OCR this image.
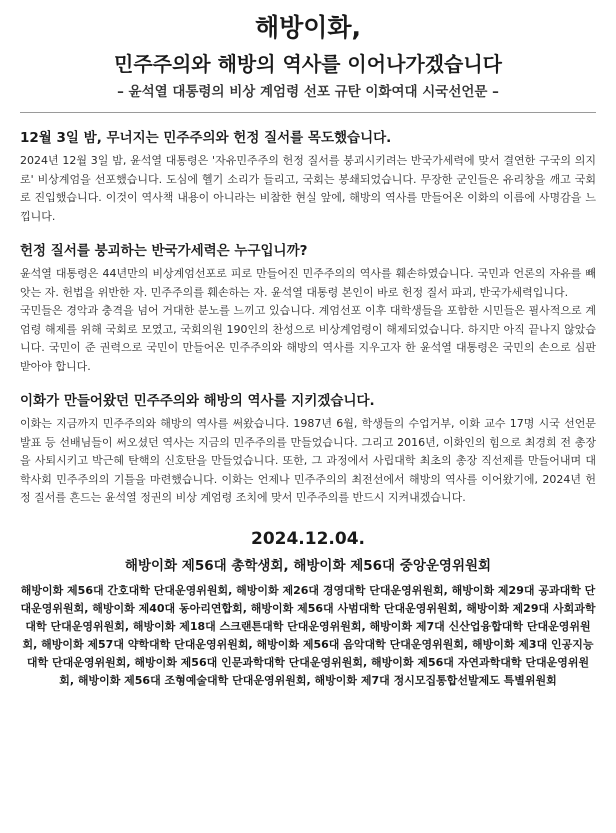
해방이화,
민주주의와 해방의 역사를 이어나가겠습니다
– 윤석열 대통령의 비상 계엄령 선포 규탄 이화여대 시국선언문 –
12월 3일 밤, 무너지는 민주주의와 헌정 질서를 목도했습니다.

2024년 12월 3일 밤, 윤석열 대통령은 '자유민주주의 헌정 질서를 붕괴시키려는 반국가세력에 맞서 결연한 구국의 의지로' 비상계엄을 선포했습니다. 도심에 헬기 소리가 들리고, 국회는 봉쇄되었습니다. 무장한 군인들은 유리창을 깨고 국회로 진입했습니다. 이것이 역사책 내용이 아니라는 비참한 현실 앞에, 해방의 역사를 만들어온 이화의 이름에 사명감을 느낍니다.

헌정 질서를 붕괴하는 반국가세력은 누구입니까?

윤석열 대통령은 44년만의 비상계엄선포로 피로 만들어진 민주주의의 역사를 훼손하였습니다. 국민과 언론의 자유를 빼앗는 자. 헌법을 위반한 자. 민주주의를 훼손하는 자. 윤석열 대통령 본인이 바로 헌정 질서 파괴, 반국가세력입니다.

국민들은 경악과 충격을 넘어 거대한 분노를 느끼고 있습니다. 계엄선포 이후 대학생들을 포함한 시민들은 필사적으로 계엄령 해제를 위해 국회로 모였고, 국회의원 190인의 찬성으로 비상계엄령이 해제되었습니다. 하지만 아직 끝나지 않았습니다. 국민이 준 권력으로 국민이 만들어온 민주주의와 해방의 역사를 지우고자 한 윤석열 대통령은 국민의 손으로 심판 받아야 합니다.

이화가 만들어왔던 민주주의와 해방의 역사를 지키겠습니다.

이화는 지금까지 민주주의와 해방의 역사를 써왔습니다. 1987년 6월, 학생들의 수업거부, 이화 교수 17명 시국 선언문 발표 등 선배님들이 써오셨던 역사는 지금의 민주주의를 만들었습니다. 그리고 2016년, 이화인의 힘으로 최경희 전 총장을 사퇴시키고 박근혜 탄핵의 신호탄을 만들었습니다. 또한, 그 과정에서 사립대학 최초의 총장 직선제를 만들어내며 대학사회 민주주의의 기틀을 마련했습니다. 이화는 언제나 민주주의의 최전선에서 해방의 역사를 이어왔기에, 2024년 헌정 질서를 흔드는 윤석열 정권의 비상 계엄령 조치에 맞서 민주주의를 반드시 지켜내겠습니다.

2024.12.04.
해방이화 제56대 총학생회, 해방이화 제56대 중앙운영위원회

해방이화 제56대 간호대학 단대운영위원회, 해방이화 제26대 경영대학 단대운영위원회, 해방이화 제29대 공과대학 단대운영위원회, 해방이화 제40대 동아리연합회, 해방이화 제56대 사범대학 단대운영위원회, 해방이화 제29대 사회과학대학 단대운영위원회, 해방이화 제18대 스크랜튼대학 단대운영위원회, 해방이화 제7대 신산업융합대학 단대운영위원회, 해방이화 제57대 약학대학 단대운영위원회, 해방이화 제56대 음악대학 단대운영위원회, 해방이화 제3대 인공지능대학 단대운영위원회, 해방이화 제56대 인문과학대학 단대운영위원회, 해방이화 제56대 자연과학대학 단대운영위원회, 해방이화 제56대 조형예술대학 단대운영위원회, 해방이화 제7대 정시모집통합선발제도 특별위원회
